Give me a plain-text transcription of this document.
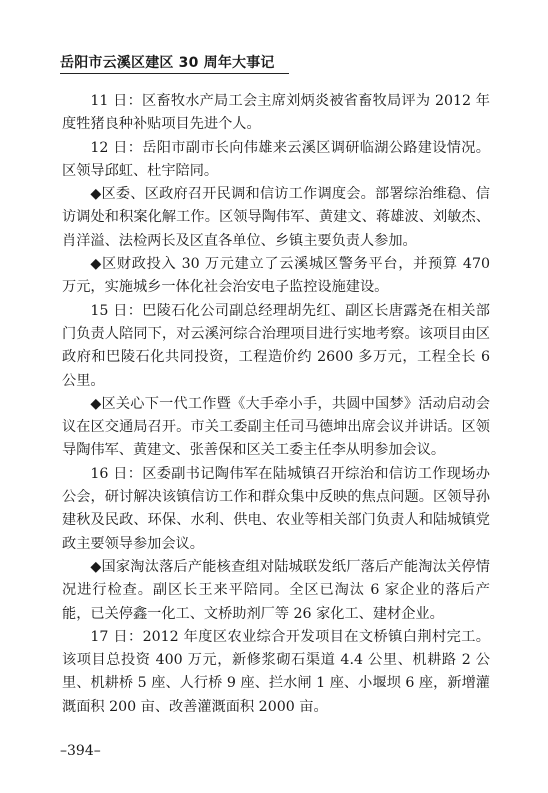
岳阳市云溪区建区 30 周年大事记

11 日：区畜牧水产局工会主席刘炳炎被省畜牧局评为 2012 年度牲猪良种补贴项目先进个人。

12 日：岳阳市副市长向伟雄来云溪区调研临湖公路建设情况。区领导邱虹、杜宇陪同。

◆区委、区政府召开民调和信访工作调度会。部署综治维稳、信访调处和积案化解工作。区领导陶伟军、黄建文、蒋雄波、刘敏杰、肖洋溢、法检两长及区直各单位、乡镇主要负责人参加。

◆区财政投入 30 万元建立了云溪城区警务平台，并预算 470 万元，实施城乡一体化社会治安电子监控设施建设。

15 日：巴陵石化公司副总经理胡先红、副区长唐露尧在相关部门负责人陪同下，对云溪河综合治理项目进行实地考察。该项目由区政府和巴陵石化共同投资，工程造价约 2600 多万元，工程全长 6 公里。

◆区关心下一代工作暨《大手牵小手，共圆中国梦》活动启动会议在区交通局召开。市关工委副主任司马德坤出席会议并讲话。区领导陶伟军、黄建文、张善保和区关工委主任李从明参加会议。

16 日：区委副书记陶伟军在陆城镇召开综治和信访工作现场办公会，研讨解决该镇信访工作和群众集中反映的焦点问题。区领导孙建秋及民政、环保、水利、供电、农业等相关部门负责人和陆城镇党政主要领导参加会议。

◆国家淘汰落后产能核查组对陆城联发纸厂落后产能淘汰关停情况进行检查。副区长王来平陪同。全区已淘汰 6 家企业的落后产能，已关停鑫一化工、文桥助剂厂等 26 家化工、建材企业。

17 日：2012 年度区农业综合开发项目在文桥镇白荆村完工。该项目总投资 400 万元，新修浆砌石渠道 4.4 公里、机耕路 2 公里、机耕桥 5 座、人行桥 9 座、拦水闸 1 座、小堰坝 6 座，新增灌溉面积 200 亩、改善灌溉面积 2000 亩。

–394–
